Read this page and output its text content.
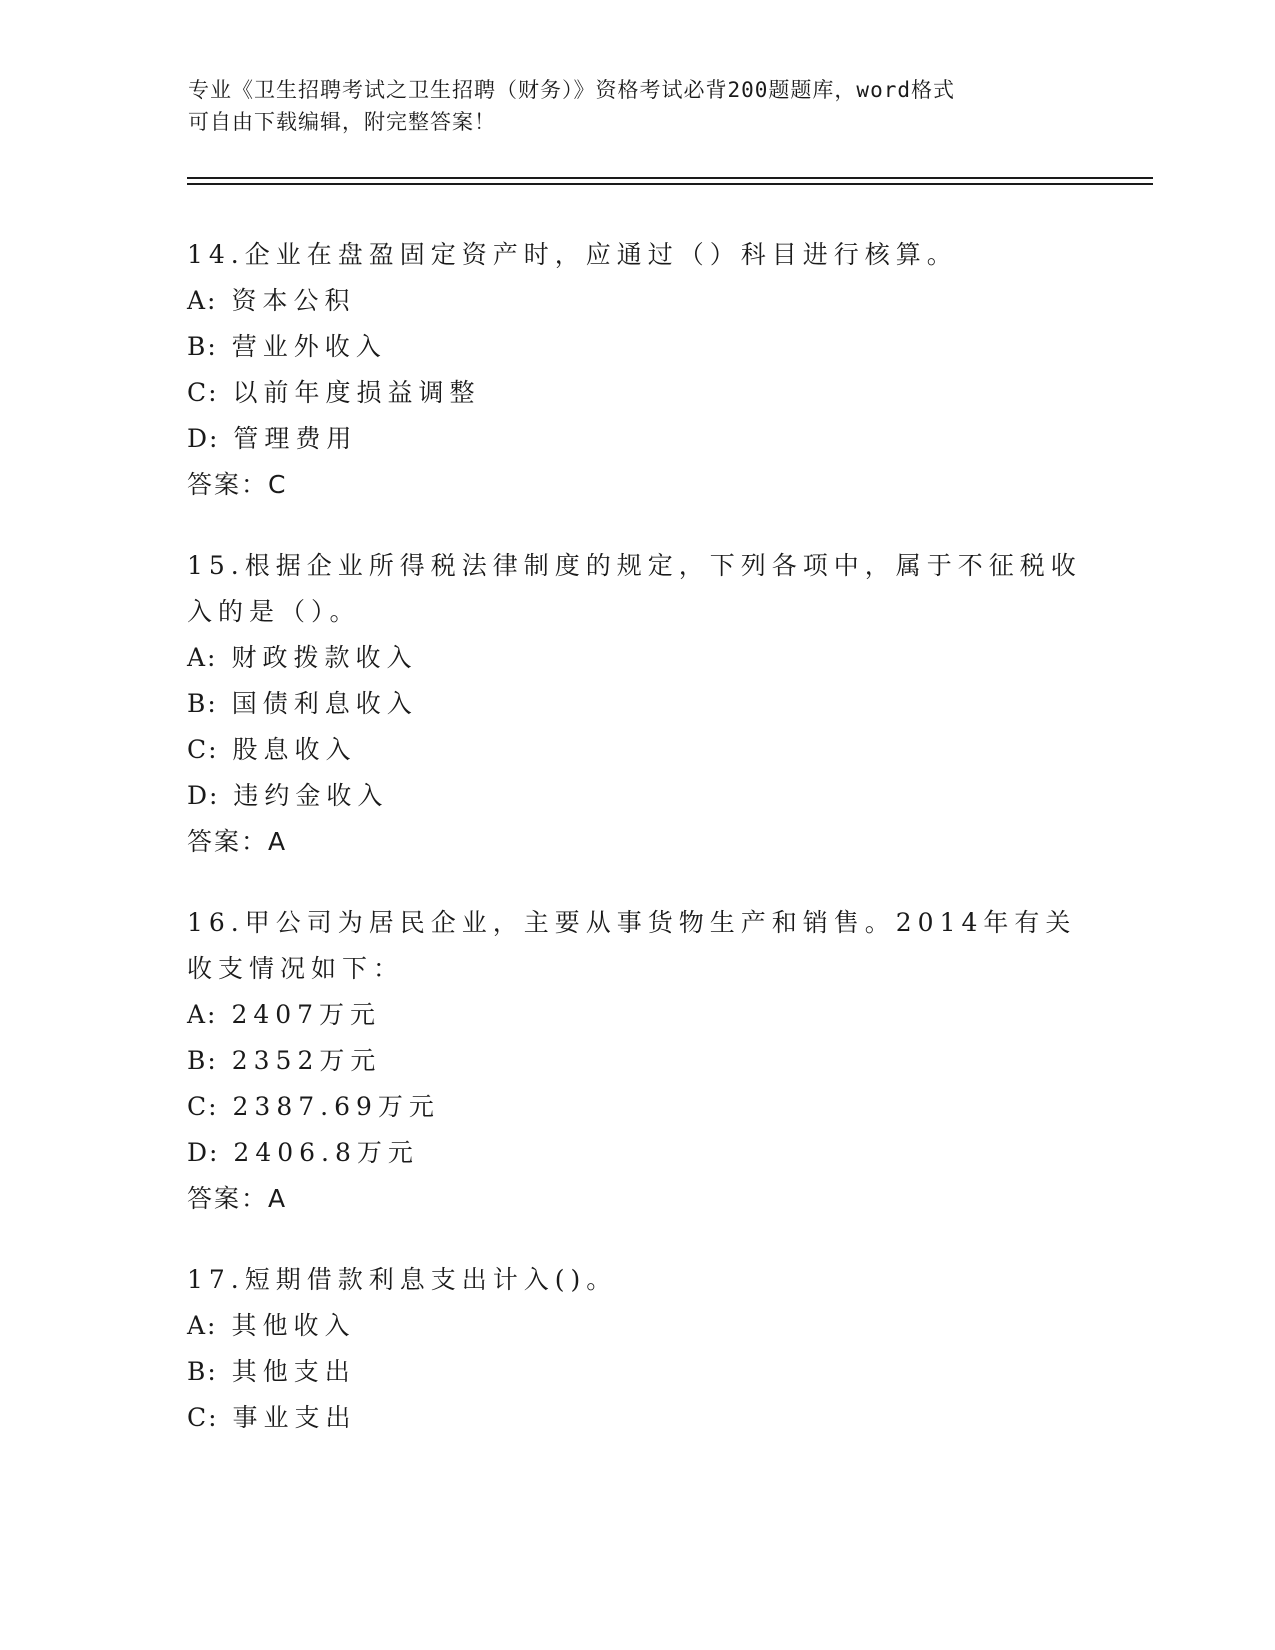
专业《卫生招聘考试之卫生招聘（财务）》资格考试必背200题题库，word格式
可自由下载编辑，附完整答案！
14.企业在盘盈固定资产时，应通过（）科目进行核算。
A: 资本公积
B: 营业外收入
C: 以前年度损益调整
D: 管理费用
答案：C
15.根据企业所得税法律制度的规定，下列各项中，属于不征税收入的是（）。
A: 财政拨款收入
B: 国债利息收入
C: 股息收入
D: 违约金收入
答案：A
16.甲公司为居民企业，主要从事货物生产和销售。2014年有关收支情况如下：
A: 2407万元
B: 2352万元
C: 2387.69万元
D: 2406.8万元
答案：A
17.短期借款利息支出计入()。
A: 其他收入
B: 其他支出
C: 事业支出
